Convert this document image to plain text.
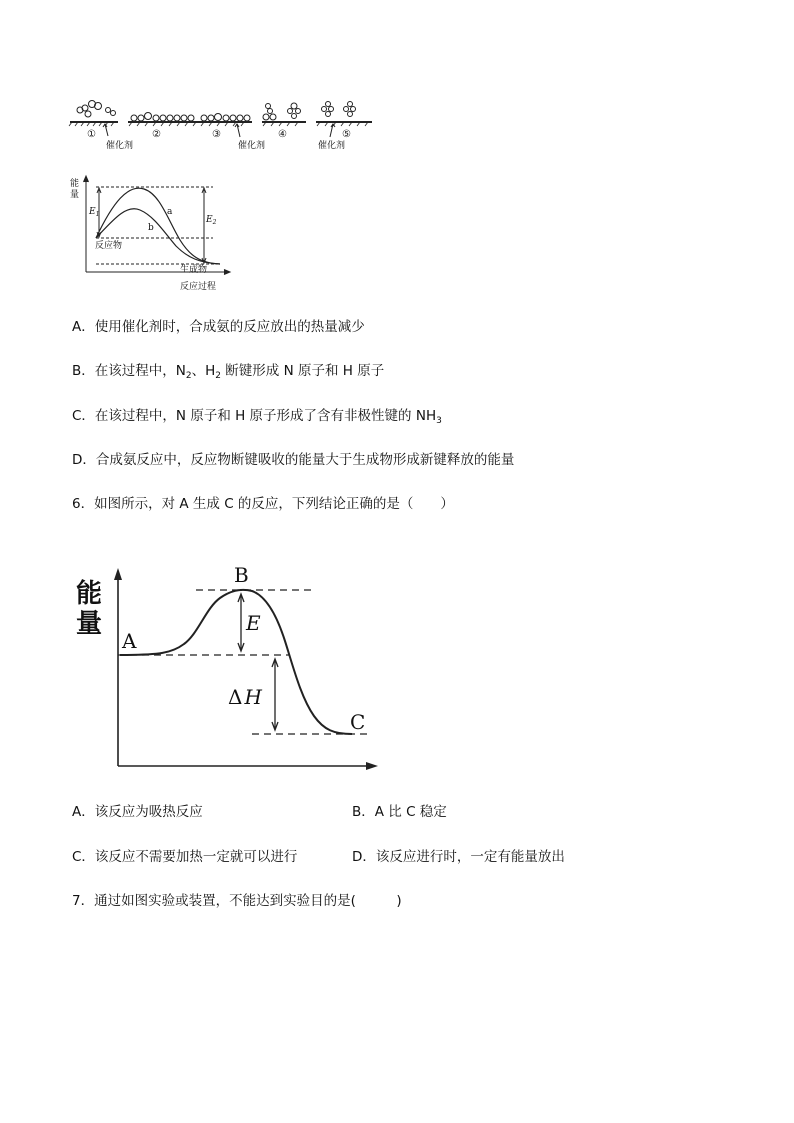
①	②	③	④	⑤
催化剂	催化剂	催化剂
能
量
反应物
生成物
反应过程
$E_1$
$E_2$
a
b
A．使用催化剂时，合成氨的反应放出的热量减少
B．在该过程中，$N_2$、$H_2$ 断键形成 N 原子和 H 原子
C．在该过程中，N 原子和 H 原子形成了含有非极性键的 $NH_3$
D．合成氨反应中，反应物断键吸收的能量大于生成物形成新键释放的能量
6．如图所示，对 A 生成 C 的反应，下列结论正确的是（　　）
能
量
A
B
C
E
Δ H
A．该反应为吸热反应	B．A 比 C 稳定
C．该反应不需要加热一定就可以进行	D．该反应进行时，一定有能量放出
7．通过如图实验或装置，不能达到实验目的是(　　　)
